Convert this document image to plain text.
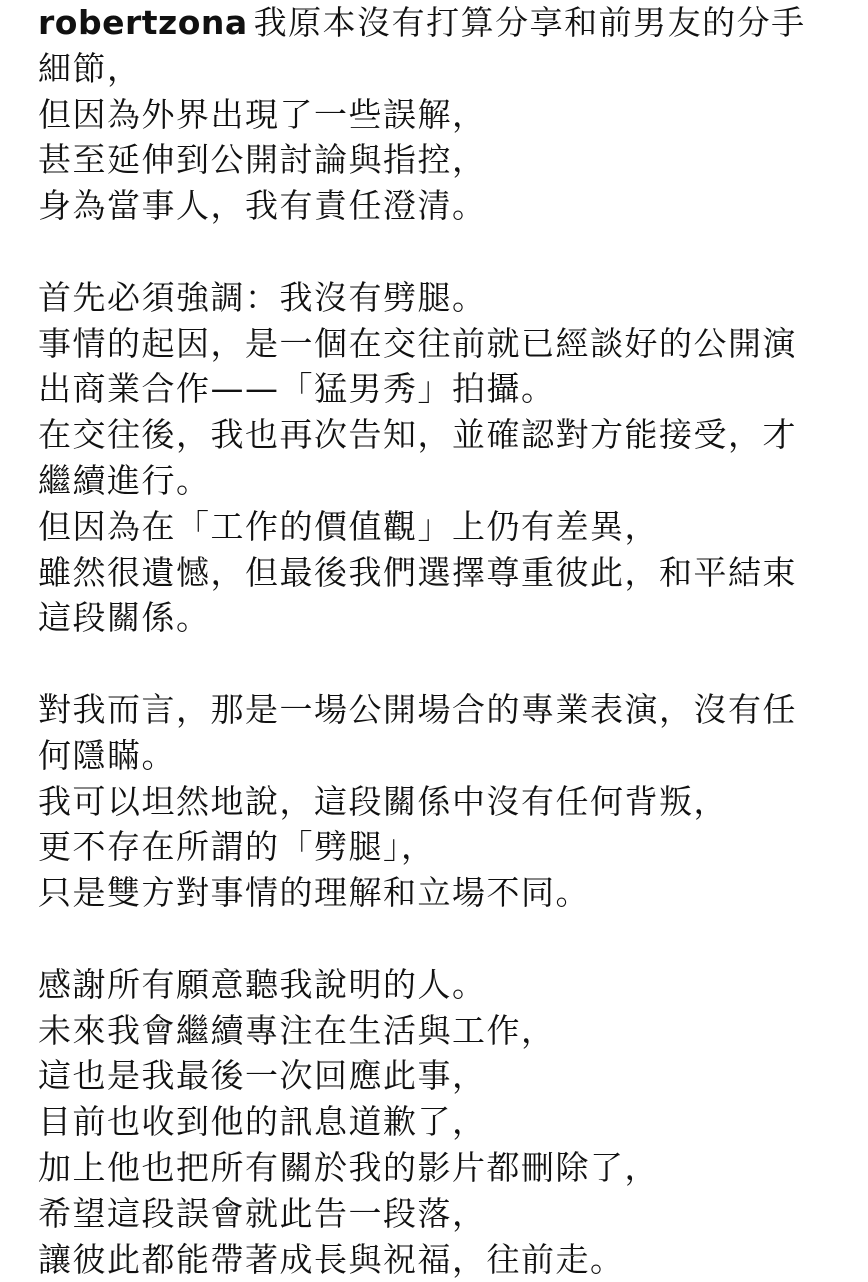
robertzona 我原本沒有打算分享和前男友的分手
細節，
但因為外界出現了一些誤解，
甚至延伸到公開討論與指控，
身為當事人，我有責任澄清。
首先必須強調：我沒有劈腿。
事情的起因，是一個在交往前就已經談好的公開演
出商業合作——「猛男秀」拍攝。
在交往後，我也再次告知，並確認對方能接受，才
繼續進行。
但因為在「工作的價值觀」上仍有差異，
雖然很遺憾，但最後我們選擇尊重彼此，和平結束
這段關係。
對我而言，那是一場公開場合的專業表演，沒有任
何隱瞞。
我可以坦然地說，這段關係中沒有任何背叛，
更不存在所謂的「劈腿」，
只是雙方對事情的理解和立場不同。
感謝所有願意聽我說明的人。
未來我會繼續專注在生活與工作，
這也是我最後一次回應此事，
目前也收到他的訊息道歉了，
加上他也把所有關於我的影片都刪除了，
希望這段誤會就此告一段落，
讓彼此都能帶著成長與祝福，往前走。
